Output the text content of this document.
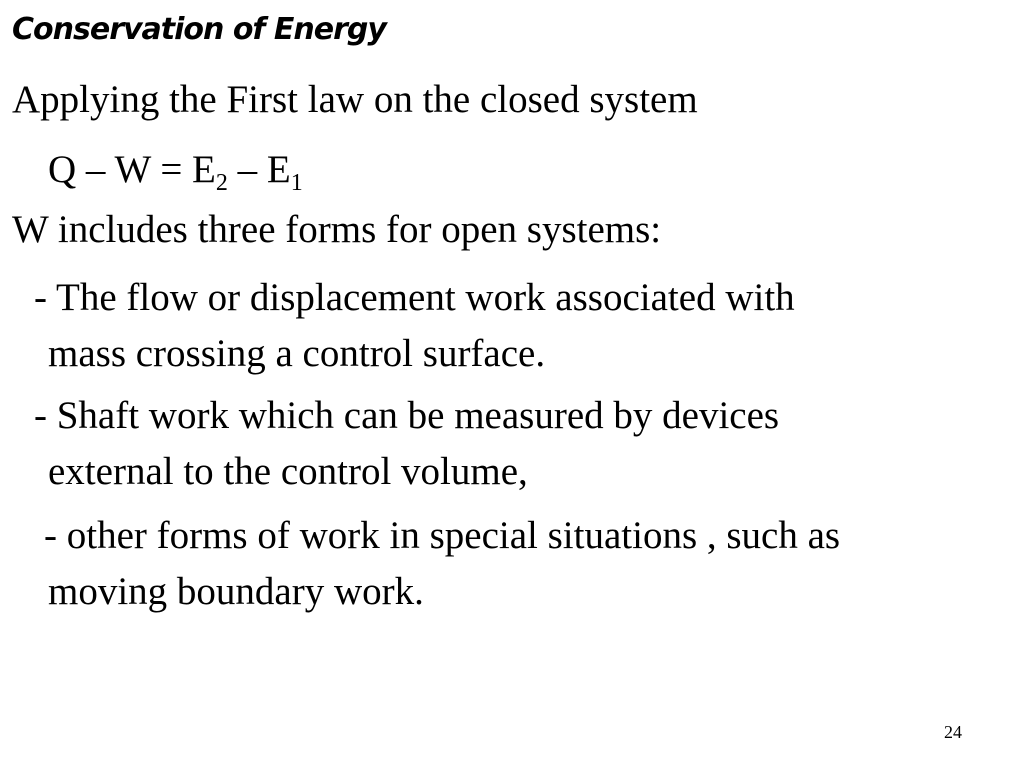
Conservation of Energy
Applying the First law on the closed system
$Q - W = E_2 - E_1$
W includes three forms for open systems:
- The flow or displacement work associated with
mass crossing a control surface.
- Shaft work which can be measured by devices
external to the control volume,
- other forms of work in special situations , such as
moving boundary work.
24
